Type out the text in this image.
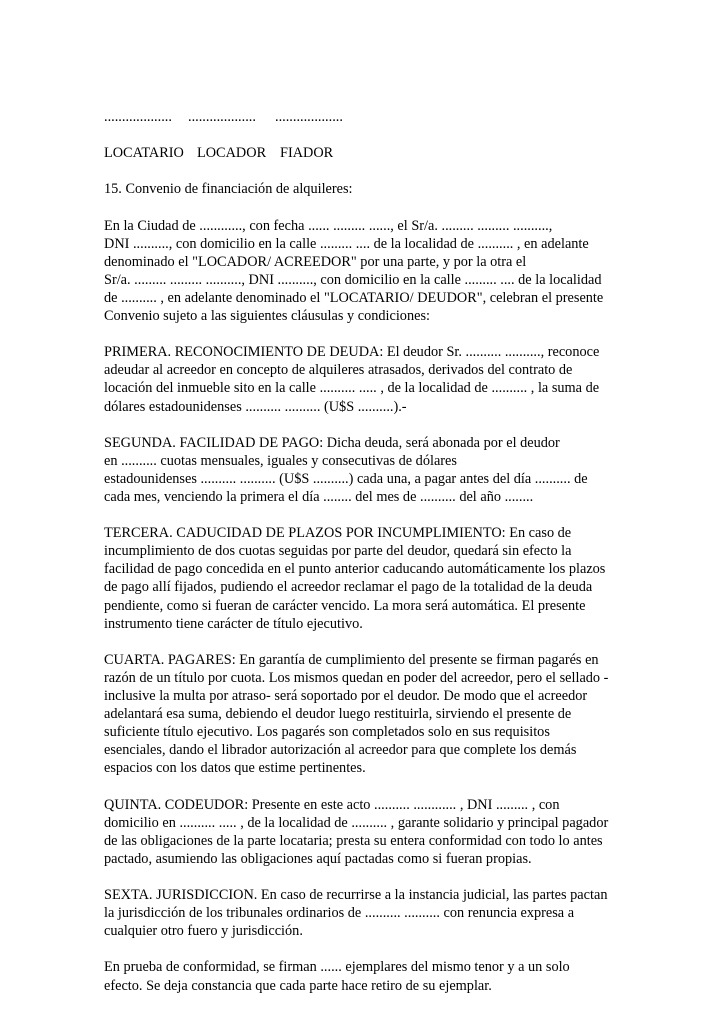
...................	...................	...................
LOCATARIO LOCADOR FIADOR
15. Convenio de financiación de alquileres:
En la Ciudad de ............, con fecha ...... ......... ......, el Sr/a. ......... ......... ..........,
DNI .........., con domicilio en la calle ......... .... de la localidad de .......... , en adelante
denominado el "LOCADOR/ ACREEDOR" por una parte, y por la otra el
Sr/a. ......... ......... .........., DNI .........., con domicilio en la calle ......... .... de la localidad
de .......... , en adelante denominado el "LOCATARIO/ DEUDOR", celebran el presente
Convenio sujeto a las siguientes cláusulas y condiciones:
PRIMERA. RECONOCIMIENTO DE DEUDA: El deudor Sr. .......... .........., reconoce
adeudar al acreedor en concepto de alquileres atrasados, derivados del contrato de
locación del inmueble sito en la calle .......... ..... , de la localidad de .......... , la suma de
dólares estadounidenses .......... .......... (U$S ..........).-
SEGUNDA. FACILIDAD DE PAGO: Dicha deuda, será abonada por el deudor
en .......... cuotas mensuales, iguales y consecutivas de dólares
estadounidenses .......... .......... (U$S ..........) cada una, a pagar antes del día .......... de
cada mes, venciendo la primera el día ........ del mes de .......... del año ........
TERCERA. CADUCIDAD DE PLAZOS POR INCUMPLIMIENTO: En caso de
incumplimiento de dos cuotas seguidas por parte del deudor, quedará sin efecto la
facilidad de pago concedida en el punto anterior caducando automáticamente los plazos
de pago allí fijados, pudiendo el acreedor reclamar el pago de la totalidad de la deuda
pendiente, como si fueran de carácter vencido. La mora será automática. El presente
instrumento tiene carácter de título ejecutivo.
CUARTA. PAGARES: En garantía de cumplimiento del presente se firman pagarés en
razón de un título por cuota. Los mismos quedan en poder del acreedor, pero el sellado -
inclusive la multa por atraso- será soportado por el deudor. De modo que el acreedor
adelantará esa suma, debiendo el deudor luego restituirla, sirviendo el presente de
suficiente título ejecutivo. Los pagarés son completados solo en sus requisitos
esenciales, dando el librador autorización al acreedor para que complete los demás
espacios con los datos que estime pertinentes.
QUINTA. CODEUDOR: Presente en este acto .......... ............ , DNI ......... , con
domicilio en .......... ..... , de la localidad de .......... , garante solidario y principal pagador
de las obligaciones de la parte locataria; presta su entera conformidad con todo lo antes
pactado, asumiendo las obligaciones aquí pactadas como si fueran propias.
SEXTA. JURISDICCION. En caso de recurrirse a la instancia judicial, las partes pactan
la jurisdicción de los tribunales ordinarios de .......... .......... con renuncia expresa a
cualquier otro fuero y jurisdicción.
En prueba de conformidad, se firman ...... ejemplares del mismo tenor y a un solo
efecto. Se deja constancia que cada parte hace retiro de su ejemplar.
